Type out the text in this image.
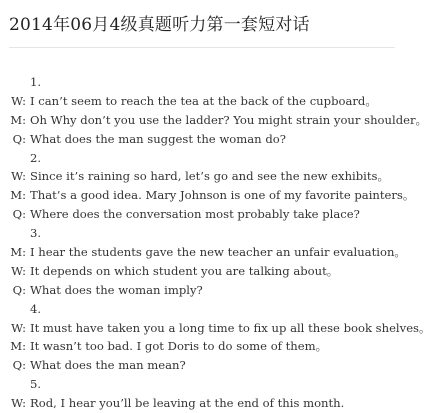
2014年06月4级真题听力第一套短对话
1.
W: I can’t seem to reach the tea at the back of the cupboard。
M: Oh Why don’t you use the ladder? You might strain your shoulder。
Q: What does the man suggest the woman do?
2.
W: Since it’s raining so hard, let’s go and see the new exhibits。
M: That’s a good idea. Mary Johnson is one of my favorite painters。
Q: Where does the conversation most probably take place?
3.
M: I hear the students gave the new teacher an unfair evaluation。
W: It depends on which student you are talking about。
Q: What does the woman imply?
4.
W: It must have taken you a long time to fix up all these book shelves。
M: It wasn’t too bad. I got Doris to do some of them。
Q: What does the man mean?
5.
W: Rod, I hear you’ll be leaving at the end of this month.
